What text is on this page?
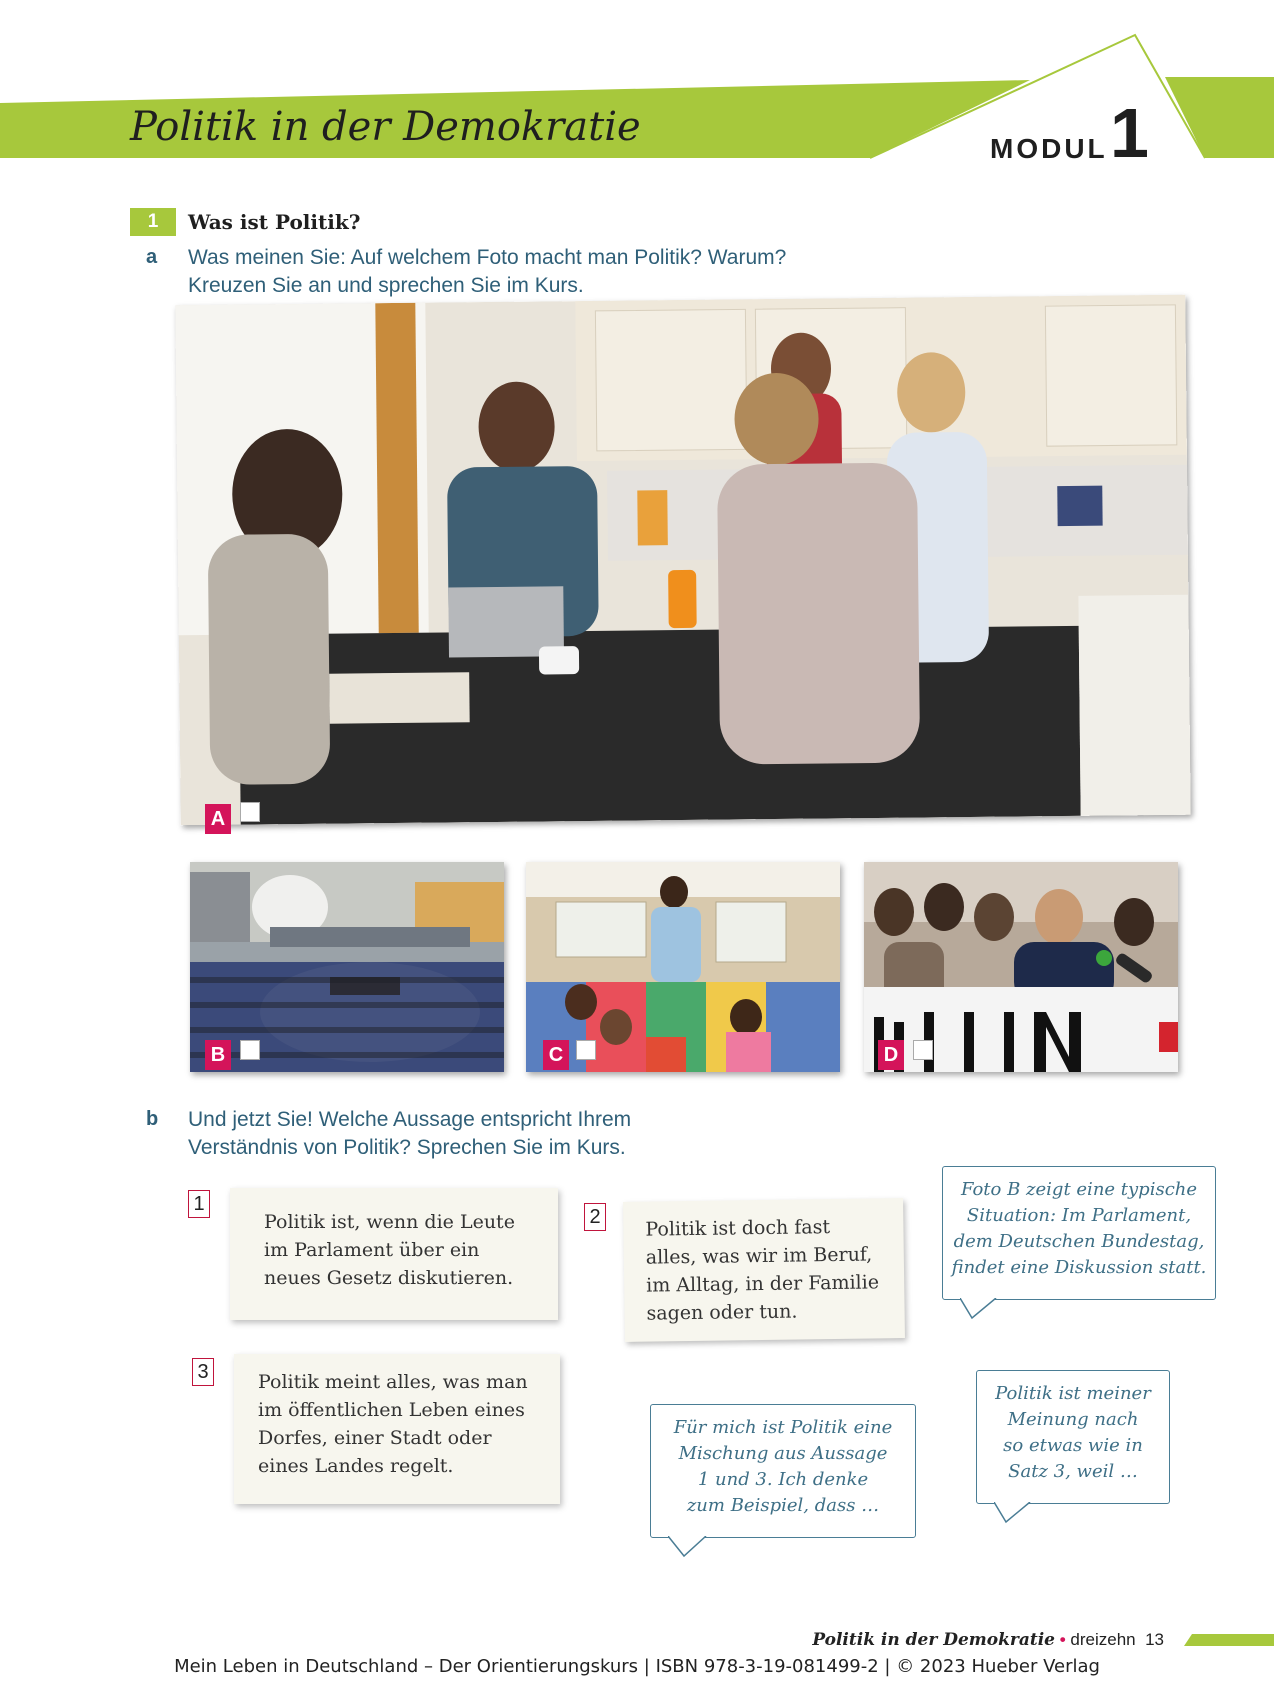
Politik in der Demokratie	MODUL 1
1	Was ist Politik?
a Was meinen Sie: Auf welchem Foto macht man Politik? Warum?
Kreuzen Sie an und sprechen Sie im Kurs.
A
B	C	D
b Und jetzt Sie! Welche Aussage entspricht Ihrem
Verständnis von Politik? Sprechen Sie im Kurs.
1
Politik ist, wenn die Leute
im Parlament über ein
neues Gesetz diskutieren.
2 Politik ist doch fast
alles, was wir im Beruf,
im Alltag, in der Familie
sagen oder tun.
3	Politik meint alles, was man
im öffentlichen Leben eines
Dorfes, einer Stadt oder
eines Landes regelt.
Foto B zeigt eine typische
Situation: Im Parlament,
dem Deutschen Bundestag,
findet eine Diskussion statt.
Für mich ist Politik eine
Mischung aus Aussage
1 und 3. Ich denke
zum Beispiel, dass …
Politik ist meiner
Meinung nach
so etwas wie in
Satz 3, weil …
Politik in der Demokratie • dreizehn 13
Mein Leben in Deutschland – Der Orientierungskurs | ISBN 978-3-19-081499-2 | © 2023 Hueber Verlag
